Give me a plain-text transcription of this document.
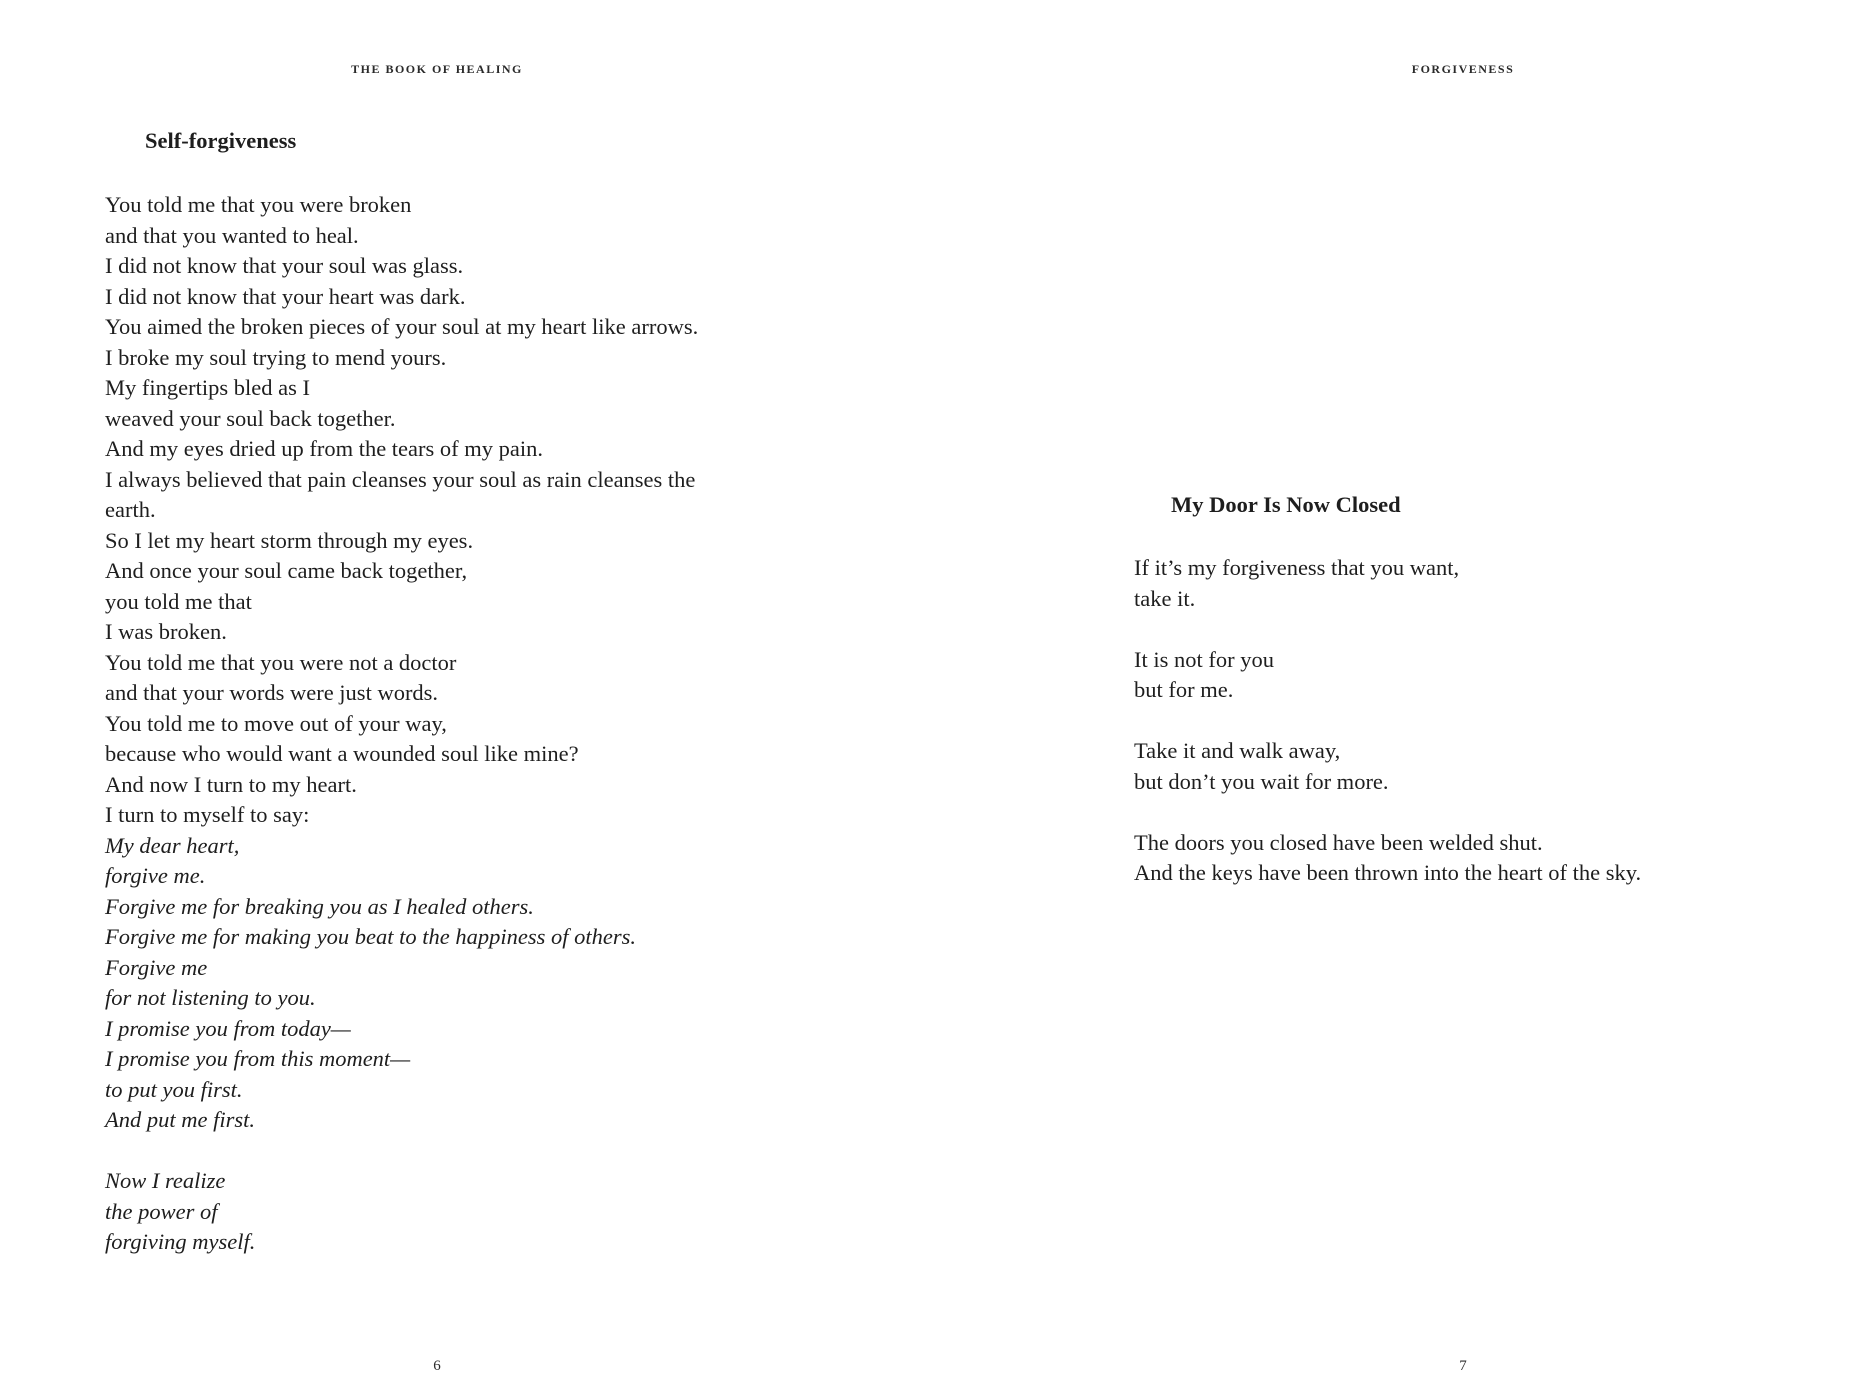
THE BOOK OF HEALING
Self-forgiveness
You told me that you were broken
and that you wanted to heal.
I did not know that your soul was glass.
I did not know that your heart was dark.
You aimed the broken pieces of your soul at my heart like arrows.
I broke my soul trying to mend yours.
My fingertips bled as I
weaved your soul back together.
And my eyes dried up from the tears of my pain.
I always believed that pain cleanses your soul as rain cleanses the earth.
So I let my heart storm through my eyes.
And once your soul came back together,
you told me that
I was broken.
You told me that you were not a doctor
and that your words were just words.
You told me to move out of your way,
because who would want a wounded soul like mine?
And now I turn to my heart.
I turn to myself to say:
My dear heart,
forgive me.
Forgive me for breaking you as I healed others.
Forgive me for making you beat to the happiness of others.
Forgive me
for not listening to you.
I promise you from today—
I promise you from this moment—
to put you first.
And put me first.
Now I realize
the power of
forgiving myself.
6
FORGIVENESS
My Door Is Now Closed
If it’s my forgiveness that you want,
take it.
It is not for you
but for me.
Take it and walk away,
but don’t you wait for more.
The doors you closed have been welded shut.
And the keys have been thrown into the heart of the sky.
7
